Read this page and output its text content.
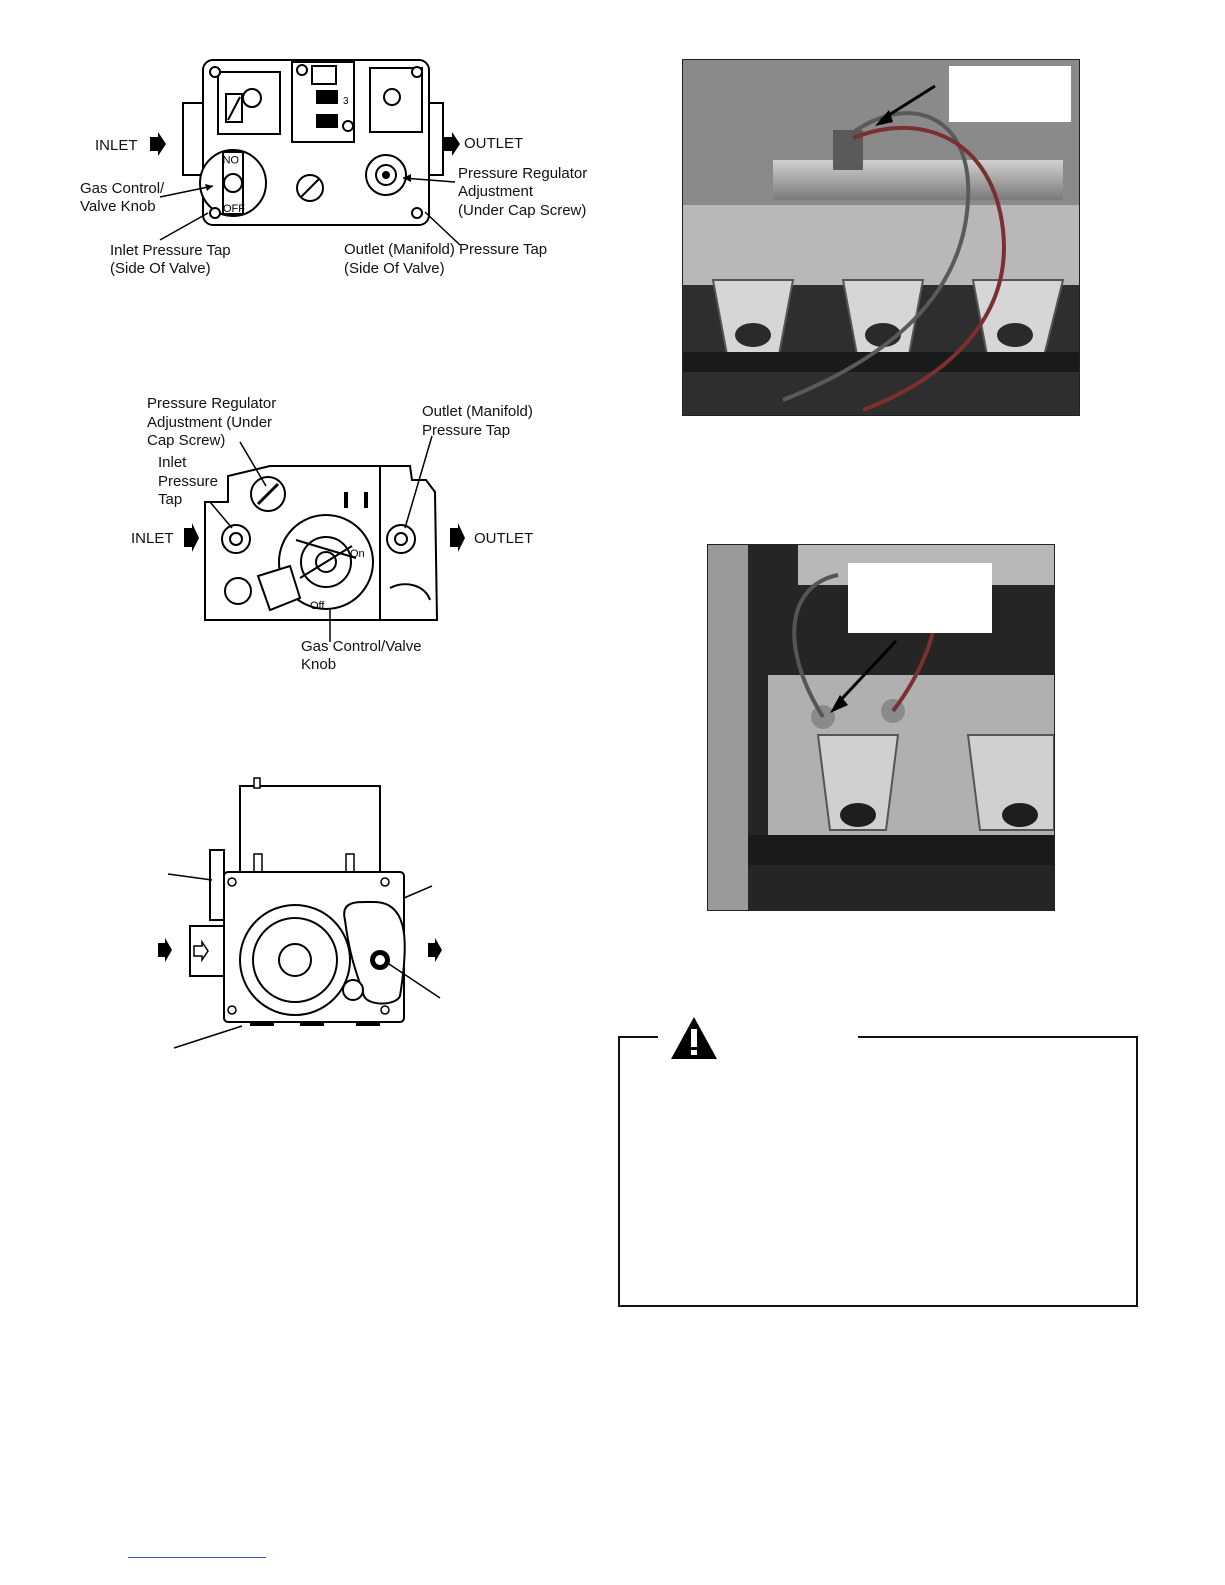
3
ON
OFF
INLET	OUTLET
Gas Control/
Valve Knob
Pressure Regulator
Adjustment
(Under Cap Screw)
Inlet Pressure Tap
(Side Of Valve)
Outlet (Manifold) Pressure Tap
(Side Of Valve)
On
Off
Pressure Regulator
Adjustment (Under
Cap Screw)
Inlet
Pressure
Tap
Outlet (Manifold)
Pressure Tap
INLET	OUTLET
Gas Control/Valve
Knob
